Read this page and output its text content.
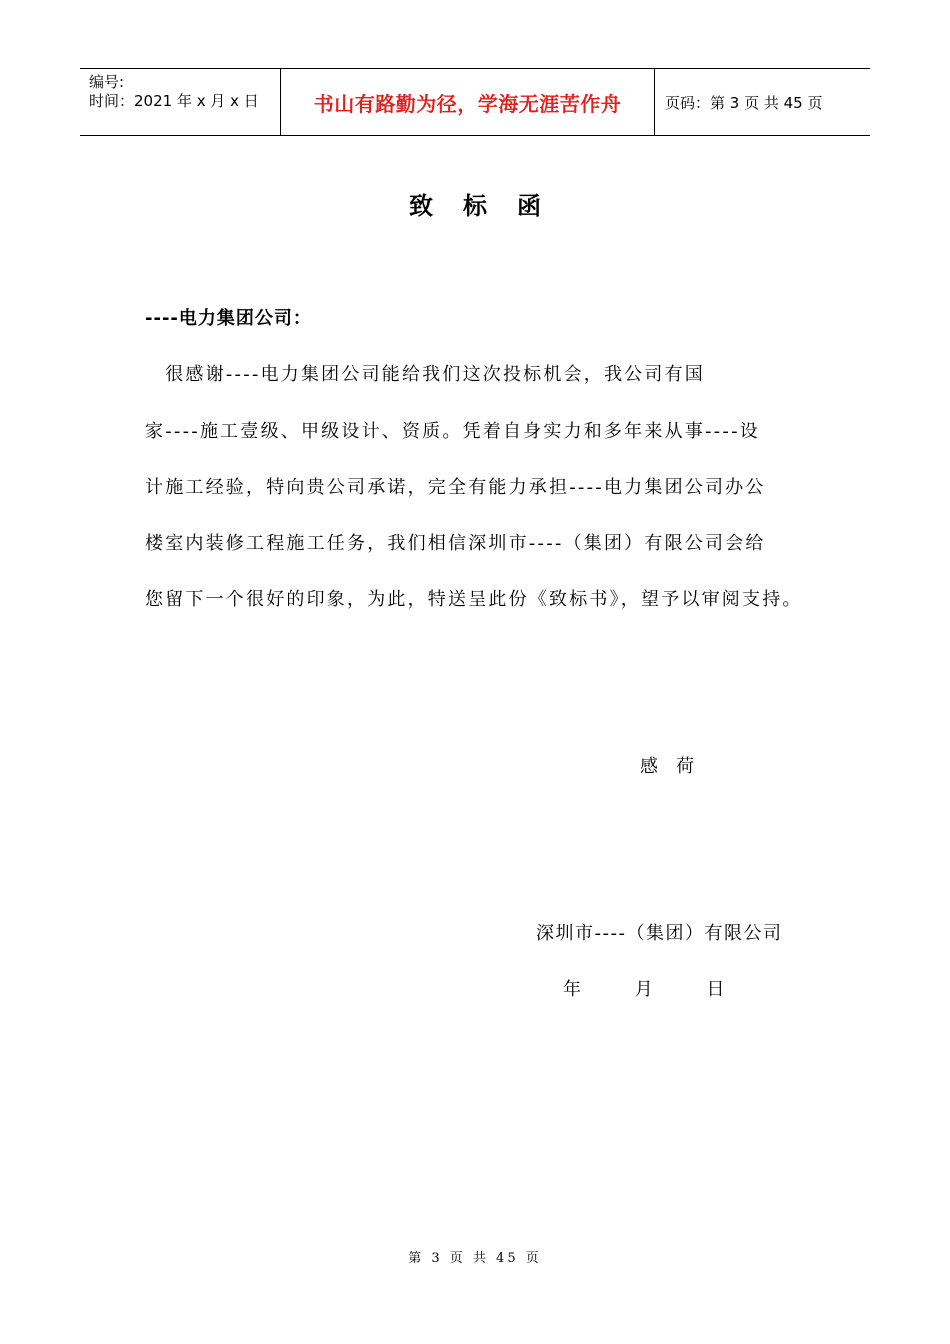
编号:
时间：2021 年 x 月 x 日	书山有路勤为径，学海无涯苦作舟	页码：第 3 页 共 45 页
致标函
----电力集团公司：
　很感谢----电力集团公司能给我们这次投标机会，我公司有国
家----施工壹级、甲级设计、资质。凭着自身实力和多年来从事----设
计施工经验，特向贵公司承诺，完全有能力承担----电力集团公司办公
楼室内装修工程施工任务，我们相信深圳市----（集团）有限公司会给
您留下一个很好的印象，为此，特送呈此份《致标书》，望予以审阅支持。
感荷
深圳市----（集团）有限公司
年 月 日
第 3 页 共 45 页
